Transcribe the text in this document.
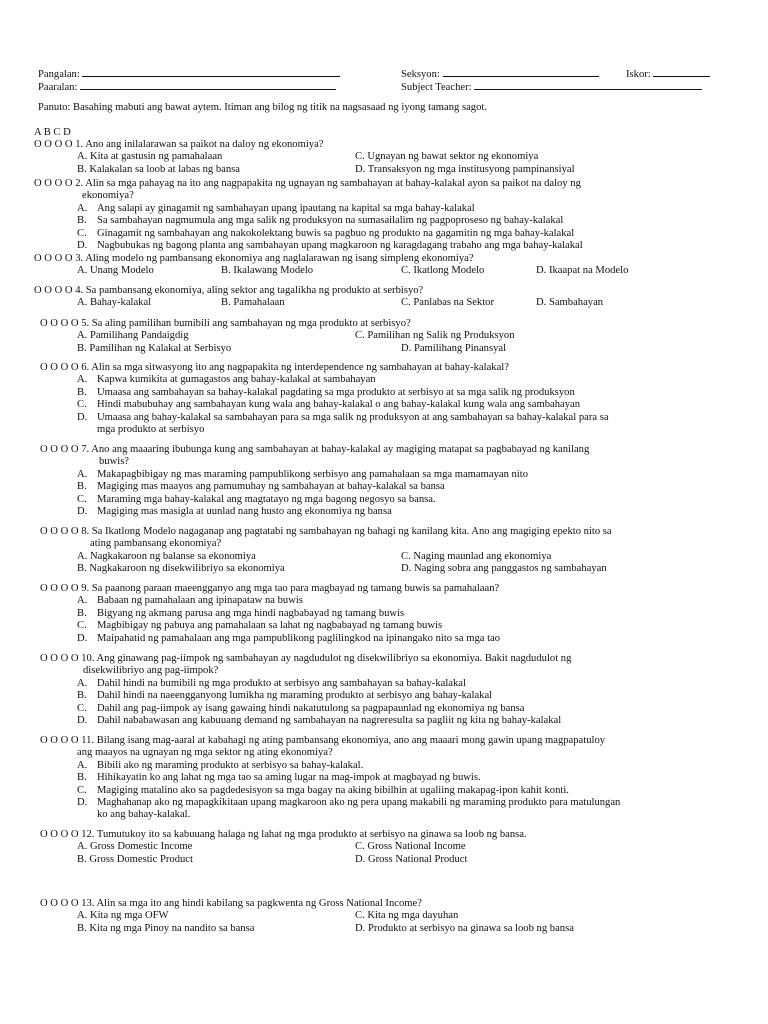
Pangalan:	Seksyon:	Iskor:
Paaralan:	Subject Teacher:
Panuto: Basahing mabuti ang bawat aytem. Itiman ang bilog ng titik na nagsasaad ng iyong tamang sagot.
A B C D
O O O O 1. Ano ang inilalarawan sa paikot na daloy ng ekonomiya?
A. Kita at gastusin ng pamahalaan	C. Ugnayan ng bawat sektor ng ekonomiya
B. Kalakalan sa loob at labas ng bansa	D. Transaksyon ng mga institusyong pampinansiyal
O O O O 2. Alin sa mga pahayag na ito ang nagpapakita ng ugnayan ng sambahayan at bahay-kalakal ayon sa paikot na daloy ng
ekonomiya?
A. Ang salapi ay ginagamit ng sambahayan upang ipautang na kapital sa mga bahay-kalakal
B. Sa sambahayan nagmumula ang mga salik ng produksyon na sumasailalim ng pagpoproseso ng bahay-kalakal
C. Ginagamit ng sambahayan ang nakokolektang buwis sa pagbuo ng produkto na gagamitin ng mga bahay-kalakal
D. Nagbubukas ng bagong planta ang sambahayan upang magkaroon ng karagdagang trabaho ang mga bahay-kalakal
O O O O 3. Aling modelo ng pambansang ekonomiya ang naglalarawan ng isang simpleng ekonomiya?
A. Unang Modelo	B. Ikalawang Modelo	C. Ikatlong Modelo	D. Ikaapat na Modelo
O O O O 4. Sa pambansang ekonomiya, aling sektor ang tagalikha ng produkto at serbisyo?
A. Bahay-kalakal	B. Pamahalaan	C. Panlabas na Sektor	D. Sambahayan
O O O O 5. Sa aling pamilihan bumibili ang sambahayan ng mga produkto at serbisyo?
A. Pamilihang Pandaigdig	C. Pamilihan ng Salik ng Produksyon
B. Pamilihan ng Kalakal at Serbisyo	D. Pamilihang Pinansyal
O O O O 6. Alin sa mga sitwasyong ito ang nagpapakita ng interdependence ng sambahayan at bahay-kalakal?
A. Kapwa kumikita at gumagastos ang bahay-kalakal at sambahayan
B. Umaasa ang sambahayan sa bahay-kalakal pagdating sa mga produkto at serbisyo at sa mga salik ng produksyon
C. Hindi mabubuhay ang sambahayan kung wala ang bahay-kalakal o ang bahay-kalakal kung wala ang sambahayan
D. Umaasa ang bahay-kalakal sa sambahayan para sa mga salik ng produksyon at ang sambahayan sa bahay-kalakal para sa
mga produkto at serbisyo
O O O O 7. Ano ang maaaring ibubunga kung ang sambahayan at bahay-kalakal ay magiging matapat sa pagbabayad ng kanilang
buwis?
A. Makapagbibigay ng mas maraming pampublikong serbisyo ang pamahalaan sa mga mamamayan nito
B. Magiging mas maayos ang pamumuhay ng sambahayan at bahay-kalakal sa bansa
C. Maraming mga bahay-kalakal ang magtatayo ng mga bagong negosyo sa bansa.
D. Magiging mas masigla at uunlad nang husto ang ekonomiya ng bansa
O O O O 8. Sa Ikatlong Modelo nagaganap ang pagtatabi ng sambahayan ng bahagi ng kanilang kita. Ano ang magiging epekto nito sa
ating pambansang ekonomiya?
A. Nagkakaroon ng balanse sa ekonomiya	C. Naging maunlad ang ekonomiya
B. Nagkakaroon ng disekwilibriyo sa ekonomiya	D. Naging sobra ang panggastos ng sambahayan
O O O O 9. Sa paanong paraan maeengganyo ang mga tao para magbayad ng tamang buwis sa pamahalaan?
A. Babaan ng pamahalaan ang ipinapataw na buwis
B. Bigyang ng akmang parusa ang mga hindi nagbabayad ng tamang buwis
C. Magbibigay ng pabuya ang pamahalaan sa lahat ng nagbabayad ng tamang buwis
D. Maipahatid ng pamahalaan ang mga pampublikong paglilingkod na ipinangako nito sa mga tao
O O O O 10. Ang ginawang pag-iimpok ng sambahayan ay nagdudulot ng disekwilibriyo sa ekonomiya. Bakit nagdudulot ng
disekwilibriyo ang pag-iimpok?
A. Dahil hindi na bumibili ng mga produkto at serbisyo ang sambahayan sa bahay-kalakal
B. Dahil hindi na naeengganyong lumikha ng maraming produkto at serbisyo ang bahay-kalakal
C. Dahil ang pag-iimpok ay isang gawaing hindi nakatutulong sa pagpapaunlad ng ekonomiya ng bansa
D. Dahil nababawasan ang kabuuang demand ng sambahayan na nagreresulta sa pagliit ng kita ng bahay-kalakal
O O O O 11. Bilang isang mag-aaral at kabahagi ng ating pambansang ekonomiya, ano ang maaari mong gawin upang magpapatuloy
ang maayos na ugnayan ng mga sektor ng ating ekonomiya?
A. Bibili ako ng maraming produkto at serbisyo sa bahay-kalakal.
B. Hihikayatin ko ang lahat ng mga tao sa aming lugar na mag-impok at magbayad ng buwis.
C. Magiging matalino ako sa pagdedesisyon sa mga bagay na aking bibilhin at ugaliing makapag-ipon kahit konti.
D. Maghahanap ako ng mapagkikitaan upang magkaroon ako ng pera upang makabili ng maraming produkto para matulungan
ko ang bahay-kalakal.
O O O O 12. Tumutukoy ito sa kabuuang halaga ng lahat ng mga produkto at serbisyo na ginawa sa loob ng bansa.
A. Gross Domestic Income	C. Gross National Income
B. Gross Domestic Product	D. Gross National Product
O O O O 13. Alin sa mga ito ang hindi kabilang sa pagkwenta ng Gross National Income?
A. Kita ng mga OFW	C. Kita ng mga dayuhan
B. Kita ng mga Pinoy na nandito sa bansa	D. Produkto at serbisyo na ginawa sa loob ng bansa
